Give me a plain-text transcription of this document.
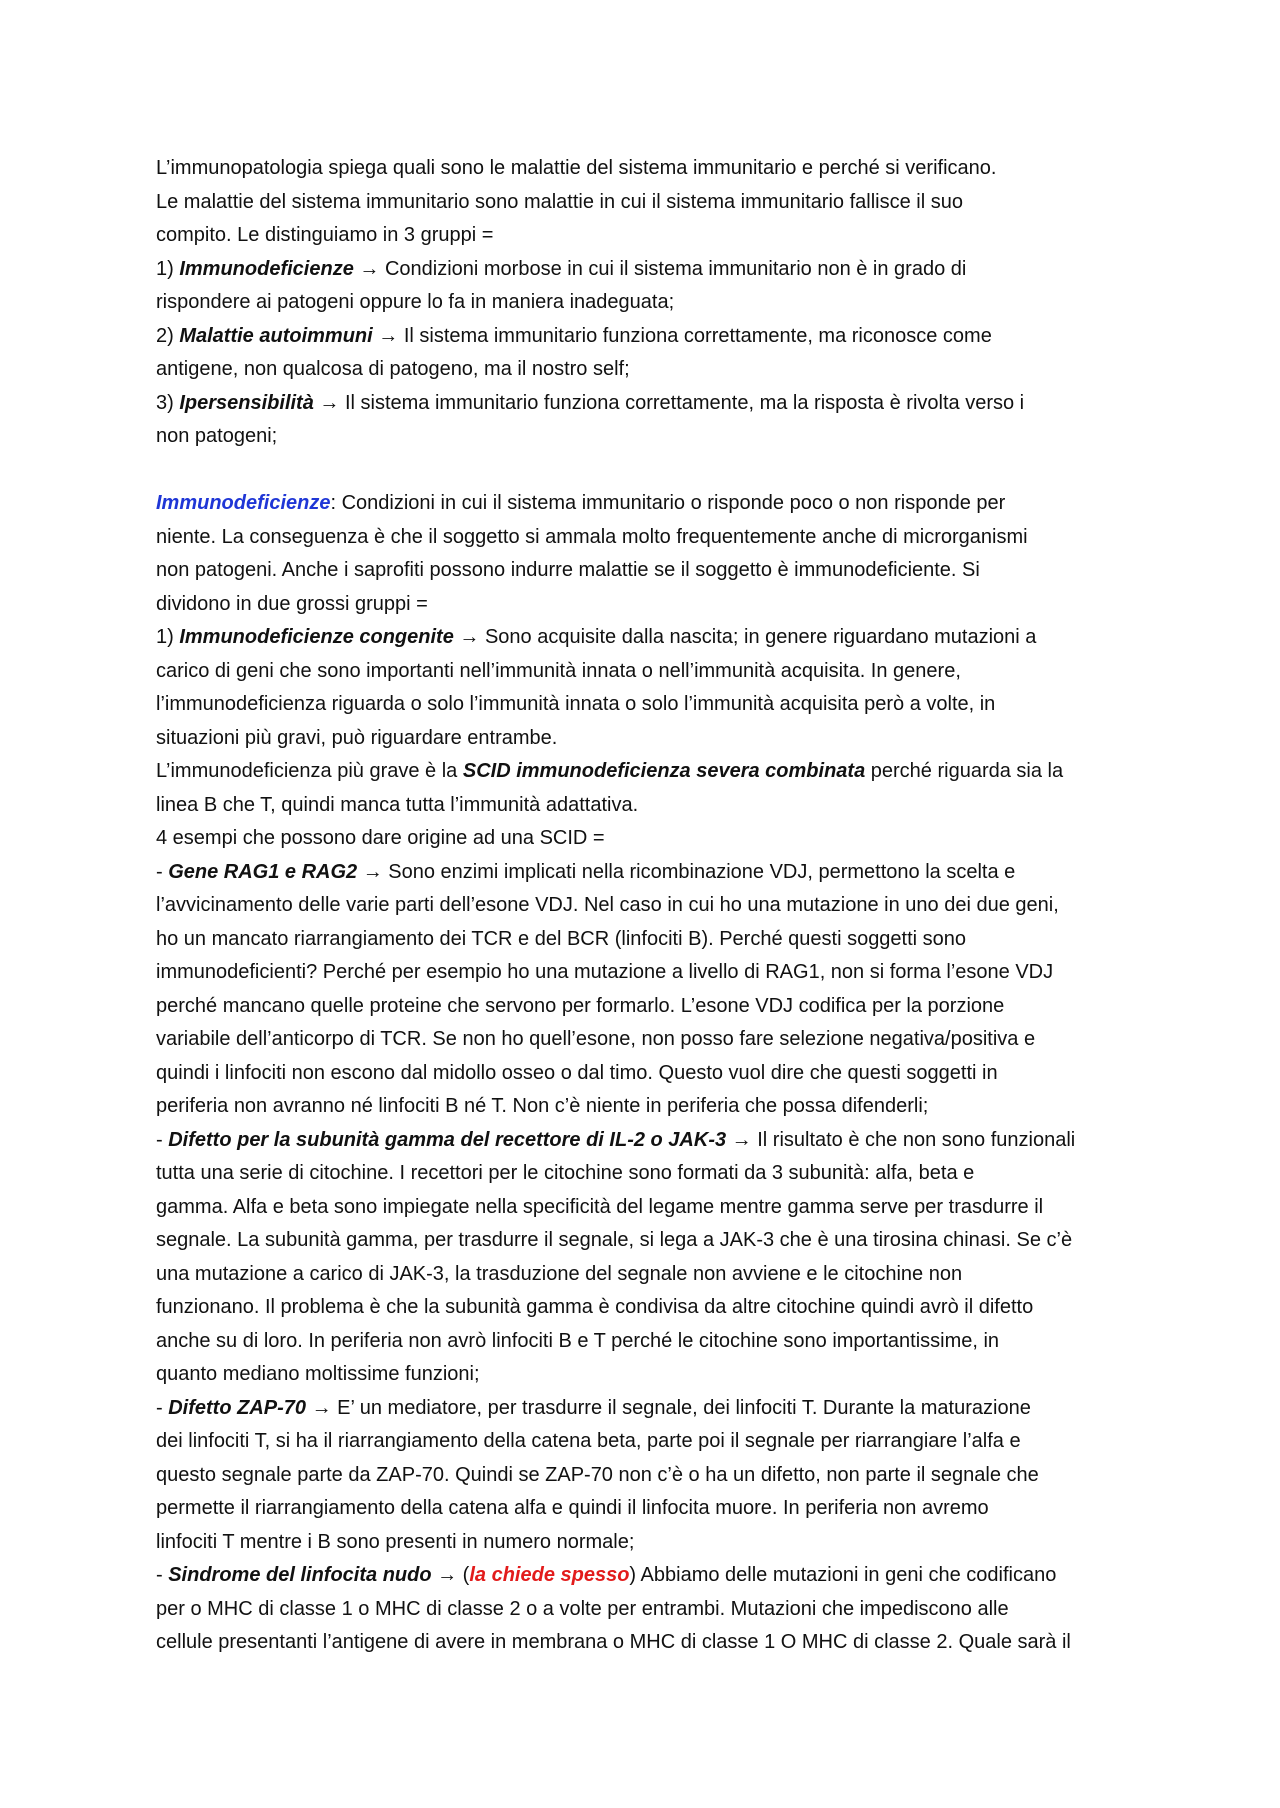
L’immunopatologia spiega quali sono le malattie del sistema immunitario e perché si verificano.
Le malattie del sistema immunitario sono malattie in cui il sistema immunitario fallisce il suo
compito. Le distinguiamo in 3 gruppi =
1) Immunodeficienze → Condizioni morbose in cui il sistema immunitario non è in grado di
rispondere ai patogeni oppure lo fa in maniera inadeguata;
2) Malattie autoimmuni → Il sistema immunitario funziona correttamente, ma riconosce come
antigene, non qualcosa di patogeno, ma il nostro self;
3) Ipersensibilità → Il sistema immunitario funziona correttamente, ma la risposta è rivolta verso i
non patogeni;
Immunodeficienze: Condizioni in cui il sistema immunitario o risponde poco o non risponde per
niente. La conseguenza è che il soggetto si ammala molto frequentemente anche di microrganismi
non patogeni. Anche i saprofiti possono indurre malattie se il soggetto è immunodeficiente. Si
dividono in due grossi gruppi =
1) Immunodeficienze congenite → Sono acquisite dalla nascita; in genere riguardano mutazioni a
carico di geni che sono importanti nell’immunità innata o nell’immunità acquisita. In genere,
l’immunodeficienza riguarda o solo l’immunità innata o solo l’immunità acquisita però a volte, in
situazioni più gravi, può riguardare entrambe.
L’immunodeficienza più grave è la SCID immunodeficienza severa combinata perché riguarda sia la
linea B che T, quindi manca tutta l’immunità adattativa.
4 esempi che possono dare origine ad una SCID =
- Gene RAG1 e RAG2 → Sono enzimi implicati nella ricombinazione VDJ, permettono la scelta e
l’avvicinamento delle varie parti dell’esone VDJ. Nel caso in cui ho una mutazione in uno dei due geni,
ho un mancato riarrangiamento dei TCR e del BCR (linfociti B). Perché questi soggetti sono
immunodeficienti? Perché per esempio ho una mutazione a livello di RAG1, non si forma l’esone VDJ
perché mancano quelle proteine che servono per formarlo. L’esone VDJ codifica per la porzione
variabile dell’anticorpo di TCR. Se non ho quell’esone, non posso fare selezione negativa/positiva e
quindi i linfociti non escono dal midollo osseo o dal timo. Questo vuol dire che questi soggetti in
periferia non avranno né linfociti B né T. Non c’è niente in periferia che possa difenderli;
- Difetto per la subunità gamma del recettore di IL-2 o JAK-3 → Il risultato è che non sono funzionali
tutta una serie di citochine. I recettori per le citochine sono formati da 3 subunità: alfa, beta e
gamma. Alfa e beta sono impiegate nella specificità del legame mentre gamma serve per trasdurre il
segnale. La subunità gamma, per trasdurre il segnale, si lega a JAK-3 che è una tirosina chinasi. Se c’è
una mutazione a carico di JAK-3, la trasduzione del segnale non avviene e le citochine non
funzionano. Il problema è che la subunità gamma è condivisa da altre citochine quindi avrò il difetto
anche su di loro. In periferia non avrò linfociti B e T perché le citochine sono importantissime, in
quanto mediano moltissime funzioni;
- Difetto ZAP-70 → E’ un mediatore, per trasdurre il segnale, dei linfociti T. Durante la maturazione
dei linfociti T, si ha il riarrangiamento della catena beta, parte poi il segnale per riarrangiare l’alfa e
questo segnale parte da ZAP-70. Quindi se ZAP-70 non c’è o ha un difetto, non parte il segnale che
permette il riarrangiamento della catena alfa e quindi il linfocita muore. In periferia non avremo
linfociti T mentre i B sono presenti in numero normale;
- Sindrome del linfocita nudo → (la chiede spesso) Abbiamo delle mutazioni in geni che codificano
per o MHC di classe 1 o MHC di classe 2 o a volte per entrambi. Mutazioni che impediscono alle
cellule presentanti l’antigene di avere in membrana o MHC di classe 1 O MHC di classe 2. Quale sarà il
